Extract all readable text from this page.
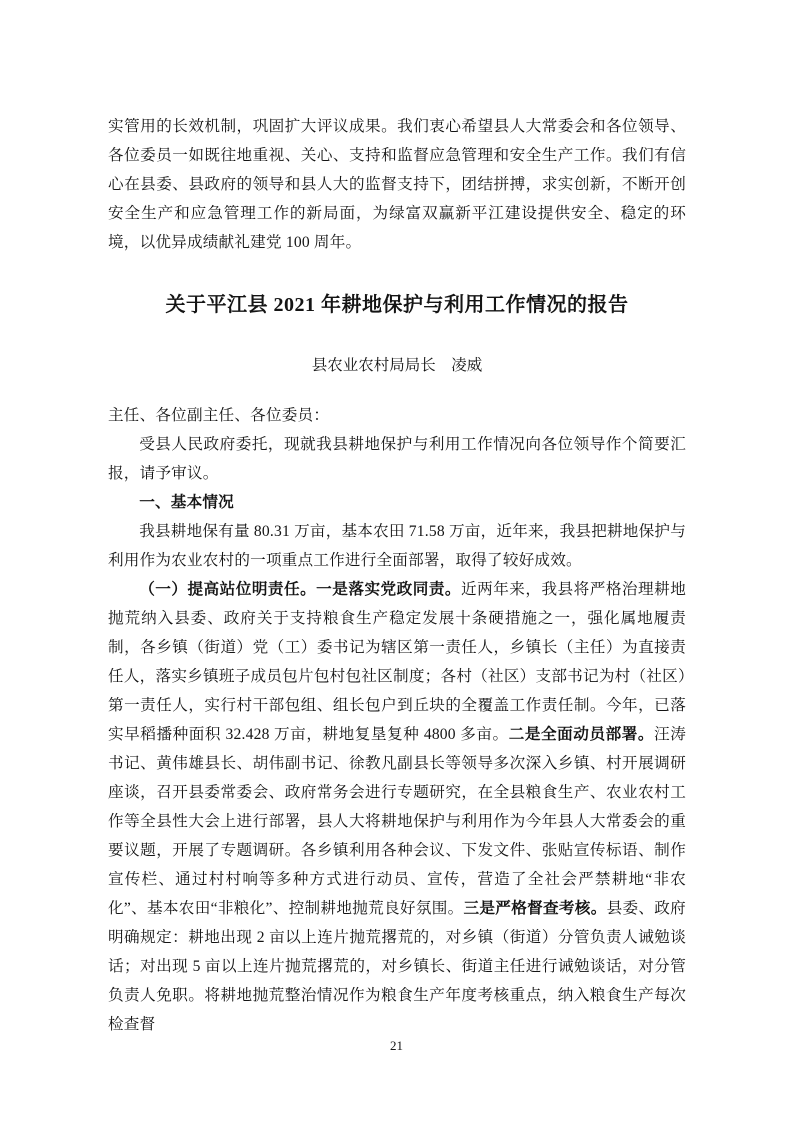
实管用的长效机制，巩固扩大评议成果。我们衷心希望县人大常委会和各位领导、各位委员一如既往地重视、关心、支持和监督应急管理和安全生产工作。我们有信心在县委、县政府的领导和县人大的监督支持下，团结拼搏，求实创新，不断开创安全生产和应急管理工作的新局面，为绿富双赢新平江建设提供安全、稳定的环境，以优异成绩献礼建党 100 周年。

关于平江县 2021 年耕地保护与利用工作情况的报告
县农业农村局局长　凌威

主任、各位副主任、各位委员：

受县人民政府委托，现就我县耕地保护与利用工作情况向各位领导作个简要汇报，请予审议。

一、基本情况

我县耕地保有量 80.31 万亩，基本农田 71.58 万亩，近年来，我县把耕地保护与利用作为农业农村的一项重点工作进行全面部署，取得了较好成效。

（一）提高站位明责任。一是落实党政同责。近两年来，我县将严格治理耕地抛荒纳入县委、政府关于支持粮食生产稳定发展十条硬措施之一，强化属地履责制，各乡镇（街道）党（工）委书记为辖区第一责任人，乡镇长（主任）为直接责任人，落实乡镇班子成员包片包村包社区制度；各村（社区）支部书记为村（社区）第一责任人，实行村干部包组、组长包户到丘块的全覆盖工作责任制。今年，已落实早稻播种面积 32.428 万亩，耕地复垦复种 4800 多亩。二是全面动员部署。汪涛书记、黄伟雄县长、胡伟副书记、徐教凡副县长等领导多次深入乡镇、村开展调研座谈，召开县委常委会、政府常务会进行专题研究，在全县粮食生产、农业农村工作等全县性大会上进行部署，县人大将耕地保护与利用作为今年县人大常委会的重要议题，开展了专题调研。各乡镇利用各种会议、下发文件、张贴宣传标语、制作宣传栏、通过村村响等多种方式进行动员、宣传，营造了全社会严禁耕地“非农化”、基本农田“非粮化”、控制耕地抛荒良好氛围。三是严格督查考核。县委、政府明确规定：耕地出现 2 亩以上连片抛荒撂荒的，对乡镇（街道）分管负责人诫勉谈话；对出现 5 亩以上连片抛荒撂荒的，对乡镇长、街道主任进行诫勉谈话，对分管负责人免职。将耕地抛荒整治情况作为粮食生产年度考核重点，纳入粮食生产每次检查督

21
